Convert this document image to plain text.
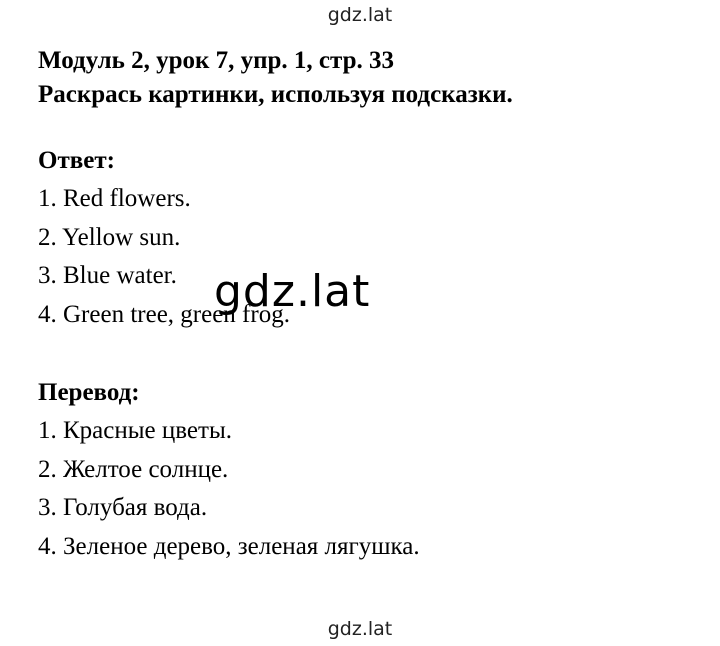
gdz.lat

Модуль 2, урок 7, упр. 1, стр. 33

Раскрась картинки, используя подсказки.

Ответ:

1. Red flowers.
2. Yellow sun.
3. Blue water.
4. Green tree, green frog.

Перевод:

1. Красные цветы.
2. Желтое солнце.
3. Голубая вода.
4. Зеленое дерево, зеленая лягушка.
gdz.lat
gdz.lat
